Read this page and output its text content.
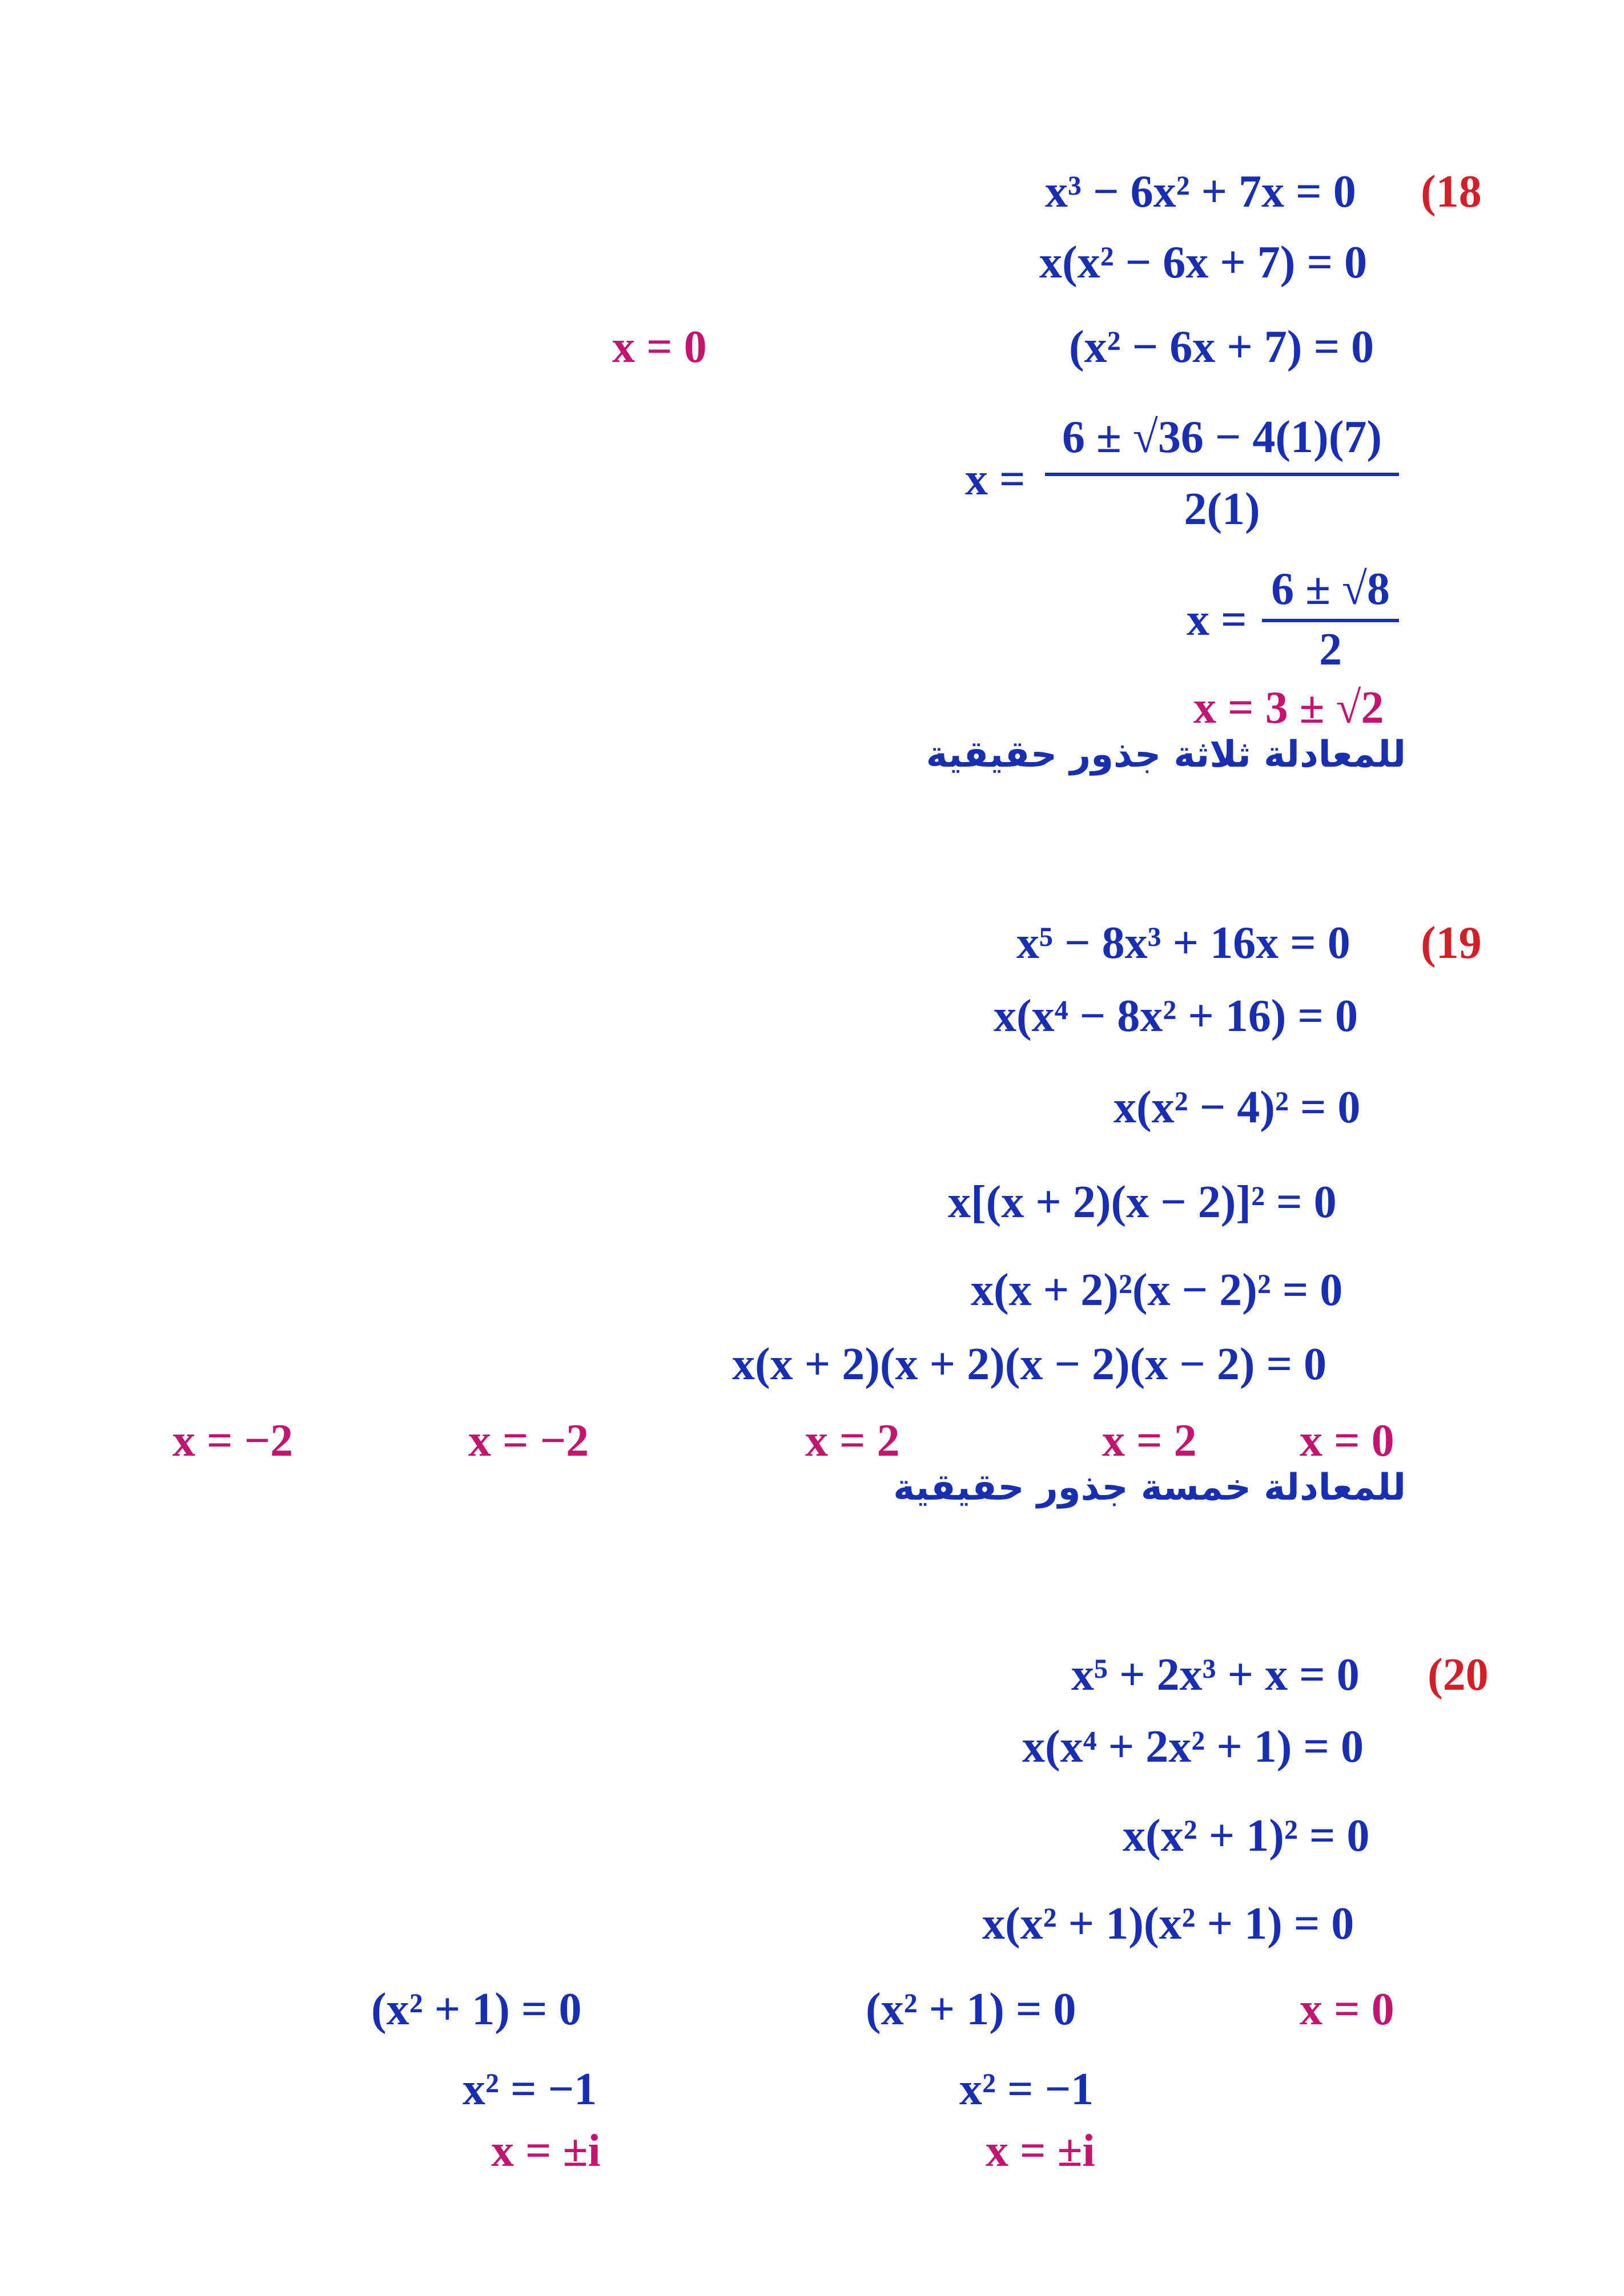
(18
x³ − 6x² + 7x = 0
x(x² − 6x + 7) = 0
(x² − 6x + 7) = 0
x = 0
x =
6 ± √36 − 4(1)(7)
2(1)
x =
6 ± √8
2
x = 3 ± √2
للمعادلة ثلاثة جذور حقيقية
(19
x⁵ − 8x³ + 16x = 0
x(x⁴ − 8x² + 16) = 0
x(x² − 4)² = 0
x[(x + 2)(x − 2)]² = 0
x(x + 2)²(x − 2)² = 0
x(x + 2)(x + 2)(x − 2)(x − 2) = 0
x = −2	x = −2	x = 2	x = 2 x = 0
للمعادلة خمسة جذور حقيقية
(20
x⁵ + 2x³ + x = 0
x(x⁴ + 2x² + 1) = 0
x(x² + 1)² = 0
x(x² + 1)(x² + 1) = 0
(x² + 1) = 0
x² = −1
x = ±i
(x² + 1) = 0
x² = −1
x = ±i
x = 0
